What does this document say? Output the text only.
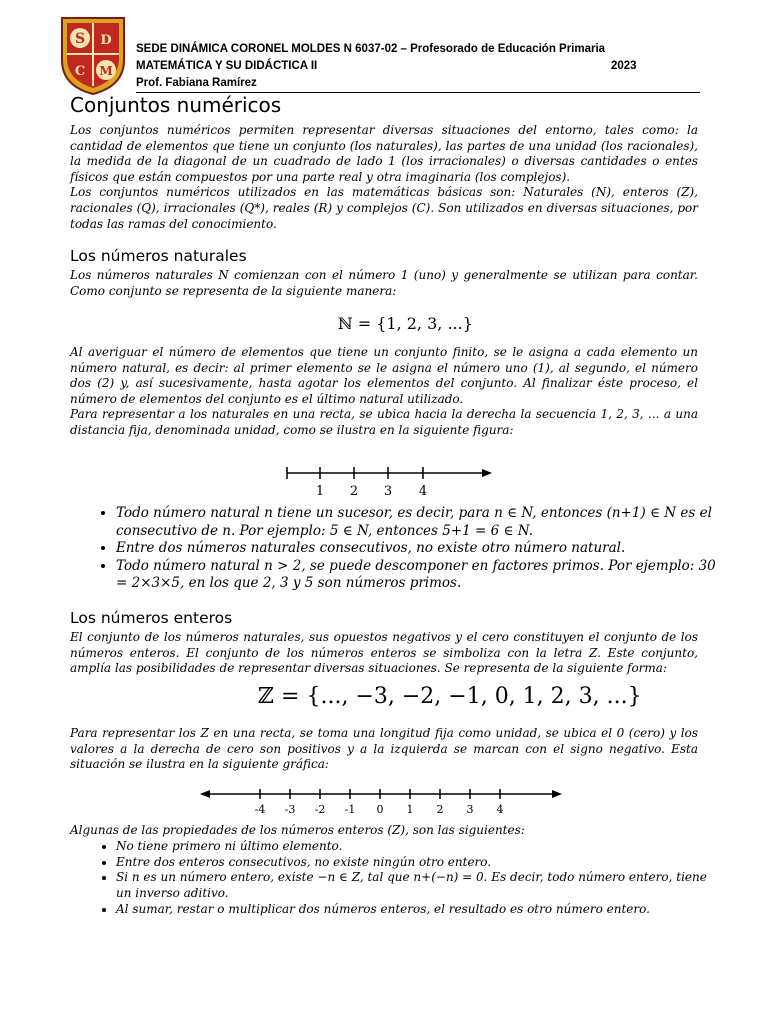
S D
C M
SEDE DINÁMICA CORONEL MOLDES N 6037-02 – Profesorado de Educación Primaria
MATEMÁTICA Y SU DIDÁCTICA II	2023
Prof. Fabiana Ramírez
Conjuntos numéricos

Los conjuntos numéricos permiten representar diversas situaciones del entorno, tales como: la cantidad de elementos que tiene un conjunto (los naturales), las partes de una unidad (los racionales), la medida de la diagonal de un cuadrado de lado 1 (los irracionales) o diversas cantidades o entes físicos que están compuestos por una parte real y otra imaginaria (los complejos).

Los conjuntos numéricos utilizados en las matemáticas básicas son: Naturales (N), enteros (Z), racionales (Q), irracionales (Q*), reales (R) y complejos (C). Son utilizados en diversas situaciones, por todas las ramas del conocimiento.

Los números naturales

Los números naturales N comienzan con el número 1 (uno) y generalmente se utilizan para contar. Como conjunto se representa de la siguiente manera:

ℕ = {1, 2, 3, ...}

Al averiguar el número de elementos que tiene un conjunto finito, se le asigna a cada elemento un número natural, es decir: al primer elemento se le asigna el número uno (1), al segundo, el número dos (2) y, así sucesivamente, hasta agotar los elementos del conjunto. Al finalizar éste proceso, el número de elementos del conjunto es el último natural utilizado.

Para representar a los naturales en una recta, se ubica hacia la derecha la secuencia 1, 2, 3, ... a una distancia fija, denominada unidad, como se ilustra en la siguiente figura:

1 2 3 4
• Todo número natural n tiene un sucesor, es decir, para n ∈ N, entonces (n+1) ∈ N es el consecutivo de n. Por ejemplo: 5 ∈ N, entonces 5+1 = 6 ∈ N.
• Entre dos números naturales consecutivos, no existe otro número natural.
• Todo número natural n > 2, se puede descomponer en factores primos. Por ejemplo: 30 = 2×3×5, en los que 2, 3 y 5 son números primos.
Los números enteros

El conjunto de los números naturales, sus opuestos negativos y el cero constituyen el conjunto de los números enteros. El conjunto de los números enteros se simboliza con la letra Z. Este conjunto, amplía las posibilidades de representar diversas situaciones. Se representa de la siguiente forma:

ℤ = {..., −3, −2, −1, 0, 1, 2, 3, ...}

Para representar los Z en una recta, se toma una longitud fija como unidad, se ubica el 0 (cero) y los valores a la derecha de cero son positivos y a la izquierda se marcan con el signo negativo. Esta situación se ilustra en la siguiente gráfica:

-4 -3 -2 -1 0 1 2 3 4

Algunas de las propiedades de los números enteros (Z), son las siguientes:

• No tiene primero ni último elemento.
• Entre dos enteros consecutivos, no existe ningún otro entero.
• Si n es un número entero, existe −n ∈ Z, tal que n+(−n) = 0. Es decir, todo número entero, tiene un inverso aditivo.
• Al sumar, restar o multiplicar dos números enteros, el resultado es otro número entero.
